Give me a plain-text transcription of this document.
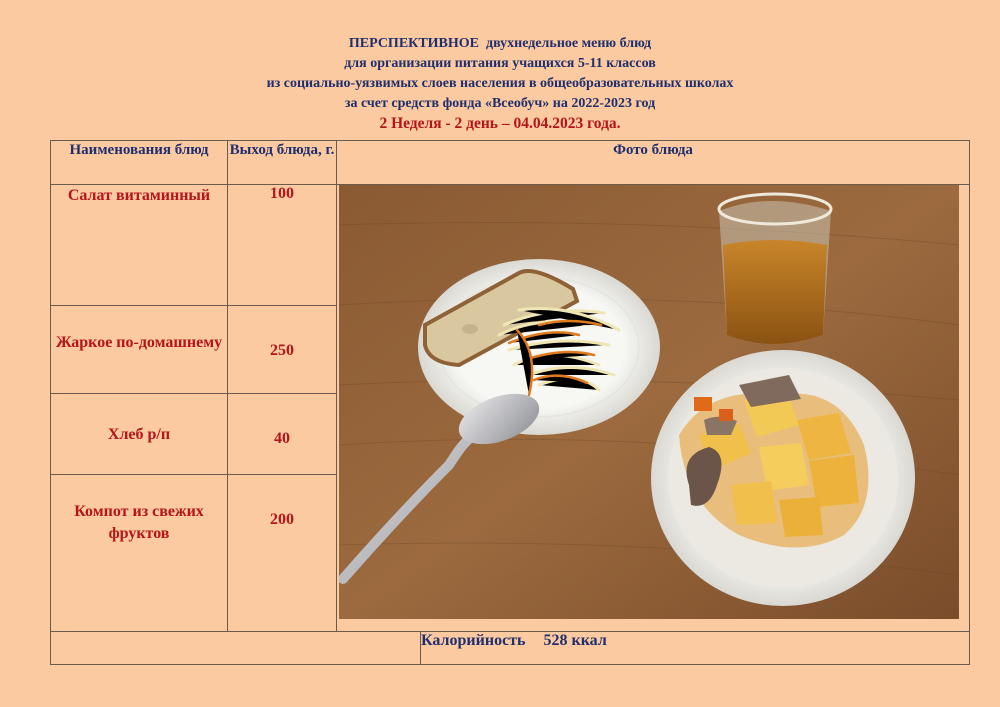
ПЕРСПЕКТИВНОЕ двухнедельное меню блюд
для организации питания учащихся 5-11 классов
из социально-уязвимых слоев населения в общеобразовательных школах
за счет средств фонда «Всеобуч» на 2022-2023 год
2 Неделя - 2 день – 04.04.2023 года.
Наименования блюд	Выход блюда, г.	Фото блюда	
Салат витаминный	100	

Жаркое по-домашнему	250		
Хлеб р/п	40		
Компот из свежих фруктов	200		
			Калорийность 528 ккал
